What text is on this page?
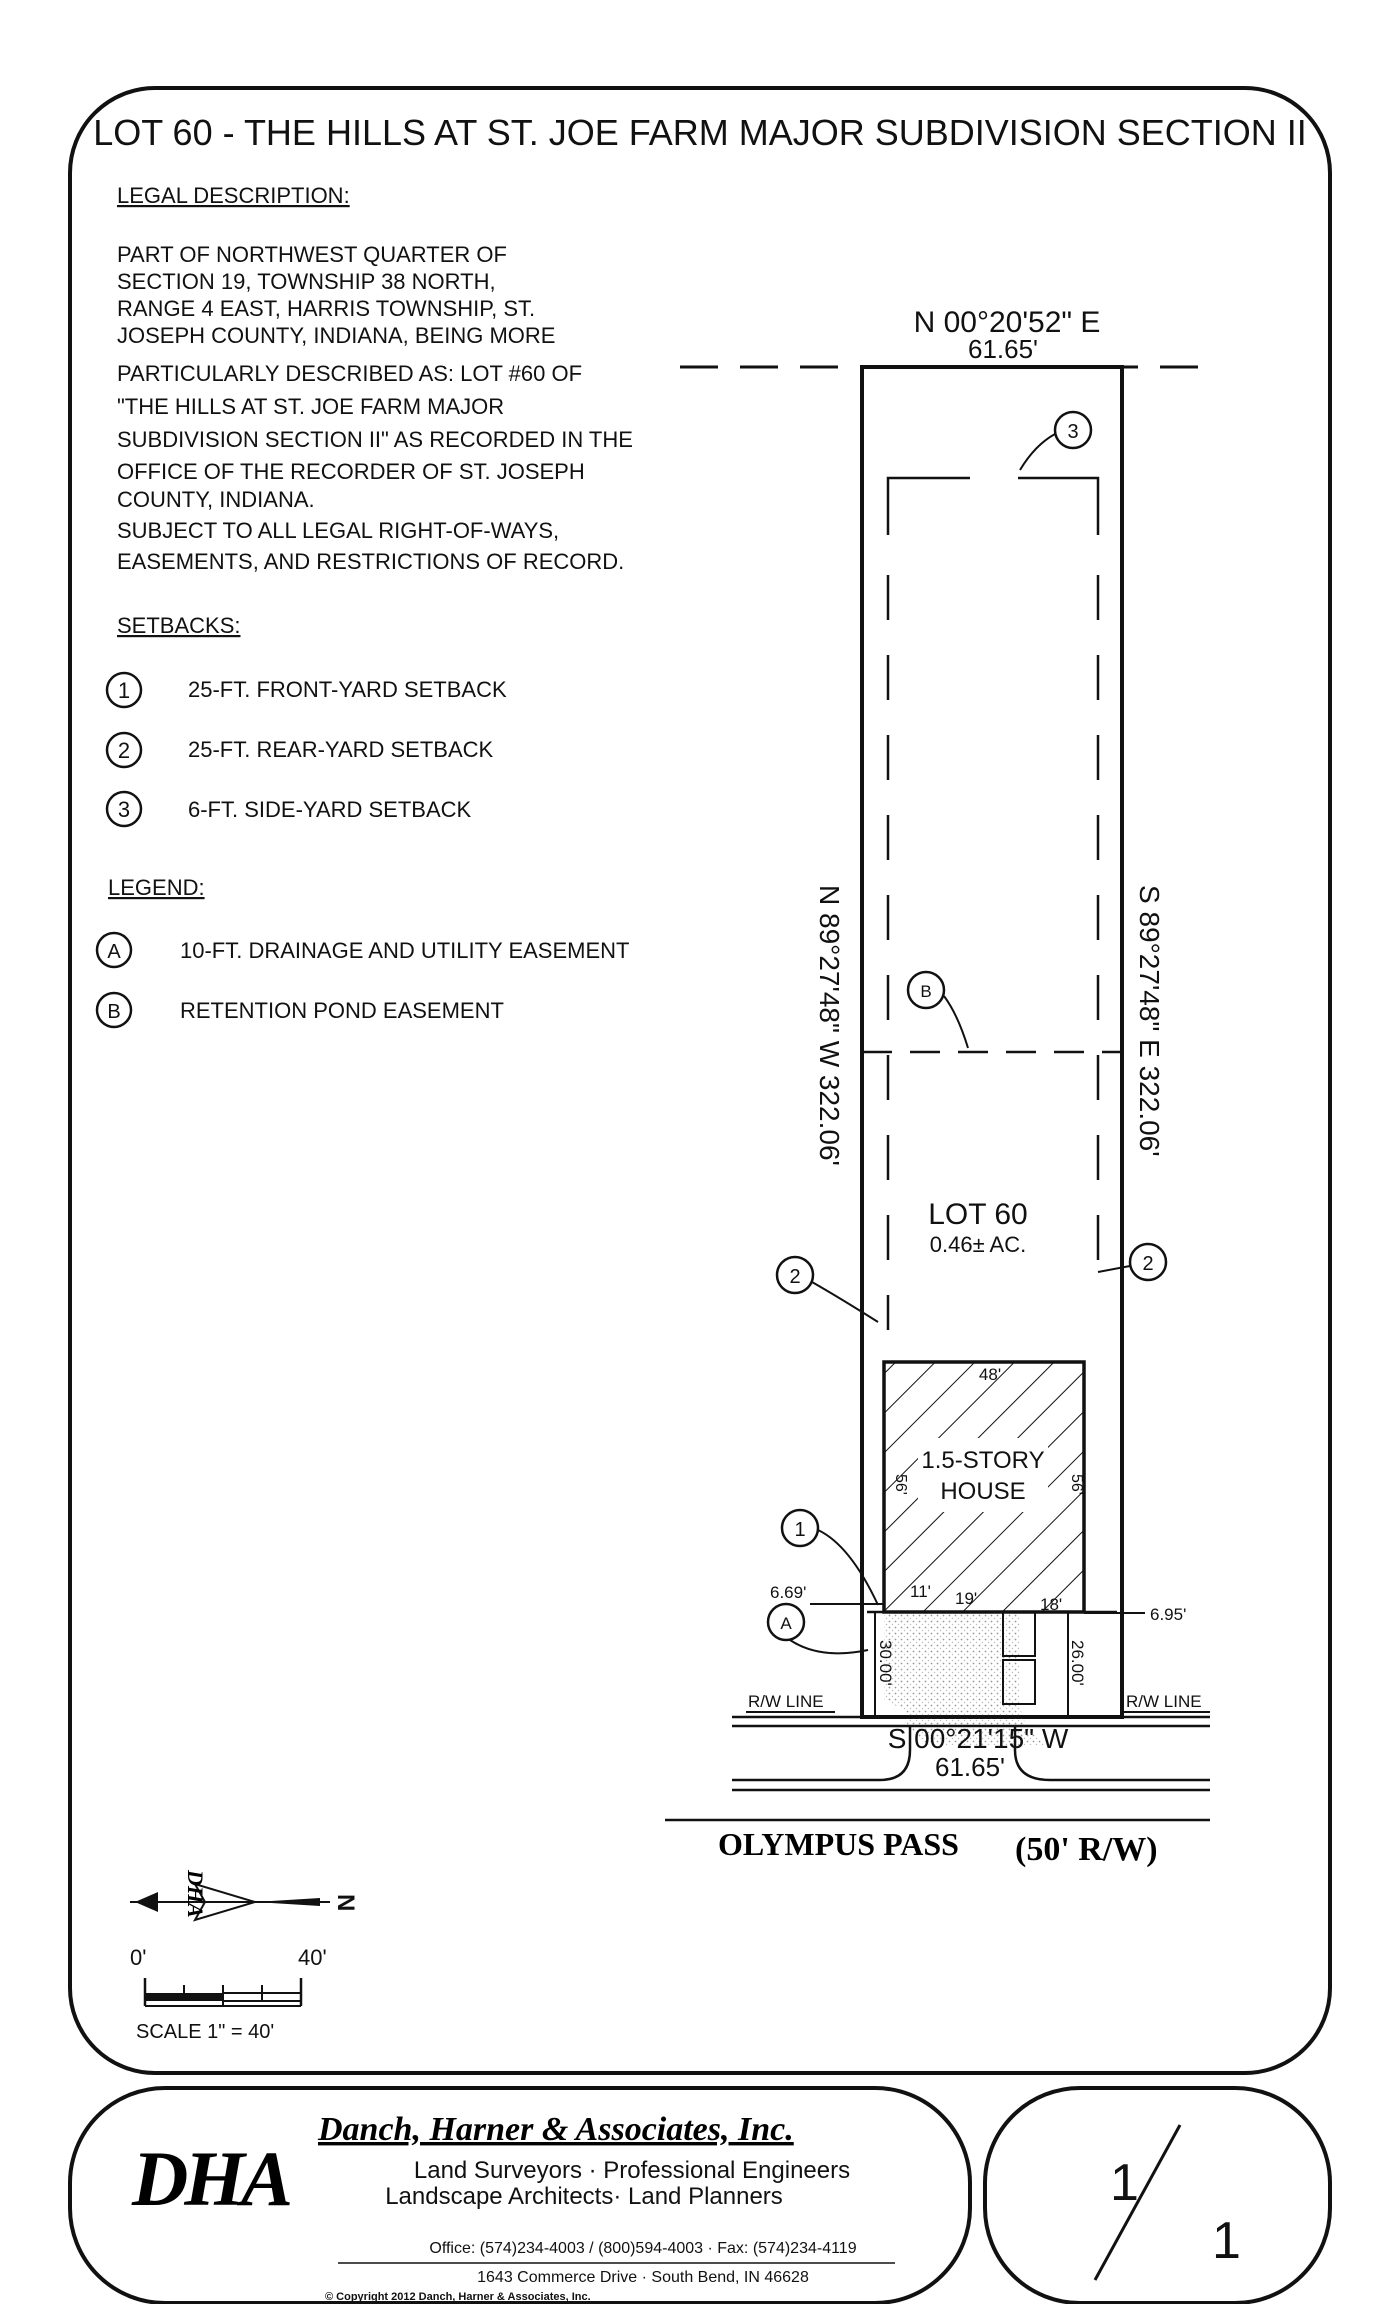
LOT 60 - THE HILLS AT ST. JOE FARM MAJOR SUBDIVISION SECTION II
LEGAL DESCRIPTION:
PART OF NORTHWEST QUARTER OF
SECTION 19, TOWNSHIP 38 NORTH,
RANGE 4 EAST, HARRIS TOWNSHIP, ST.
JOSEPH COUNTY, INDIANA, BEING MORE
PARTICULARLY DESCRIBED AS: LOT #60 OF
"THE HILLS AT ST. JOE FARM MAJOR
SUBDIVISION SECTION II" AS RECORDED IN THE
OFFICE OF THE RECORDER OF ST. JOSEPH
COUNTY, INDIANA.
SUBJECT TO ALL LEGAL RIGHT-OF-WAYS,
EASEMENTS, AND RESTRICTIONS OF RECORD.
SETBACKS:
1	25-FT. FRONT-YARD SETBACK
2	25-FT. REAR-YARD SETBACK
3	6-FT. SIDE-YARD SETBACK
LEGEND:
A	10-FT. DRAINAGE AND UTILITY EASEMENT
B	RETENTION POND EASEMENT
N 00°20'52" E
61.65'
N 89°27'48" W 322.06'	S 89°27'48" E 322.06'
LOT 60
0.46± AC.
1.5-STORY
HOUSE
48'
56'	56'
11' 19'	18'
6.69'
6.95'
30.00'	26.00'
R/W LINE	R/W LINE
S 00°21'15" W
61.65'
OLYMPUS PASS (50' R/W)
3
B
2
2
1
A
DHA	N
0'	40'
SCALE 1" = 40'
Danch, Harner & Associates, Inc.
DHA	Land Surveyors · Professional Engineers
Landscape Architects· Land Planners
Office: (574)234-4003 / (800)594-4003 · Fax: (574)234-4119
1643 Commerce Drive · South Bend, IN 46628
© Copyright 2012 Danch, Harner & Associates, Inc.
1
1
